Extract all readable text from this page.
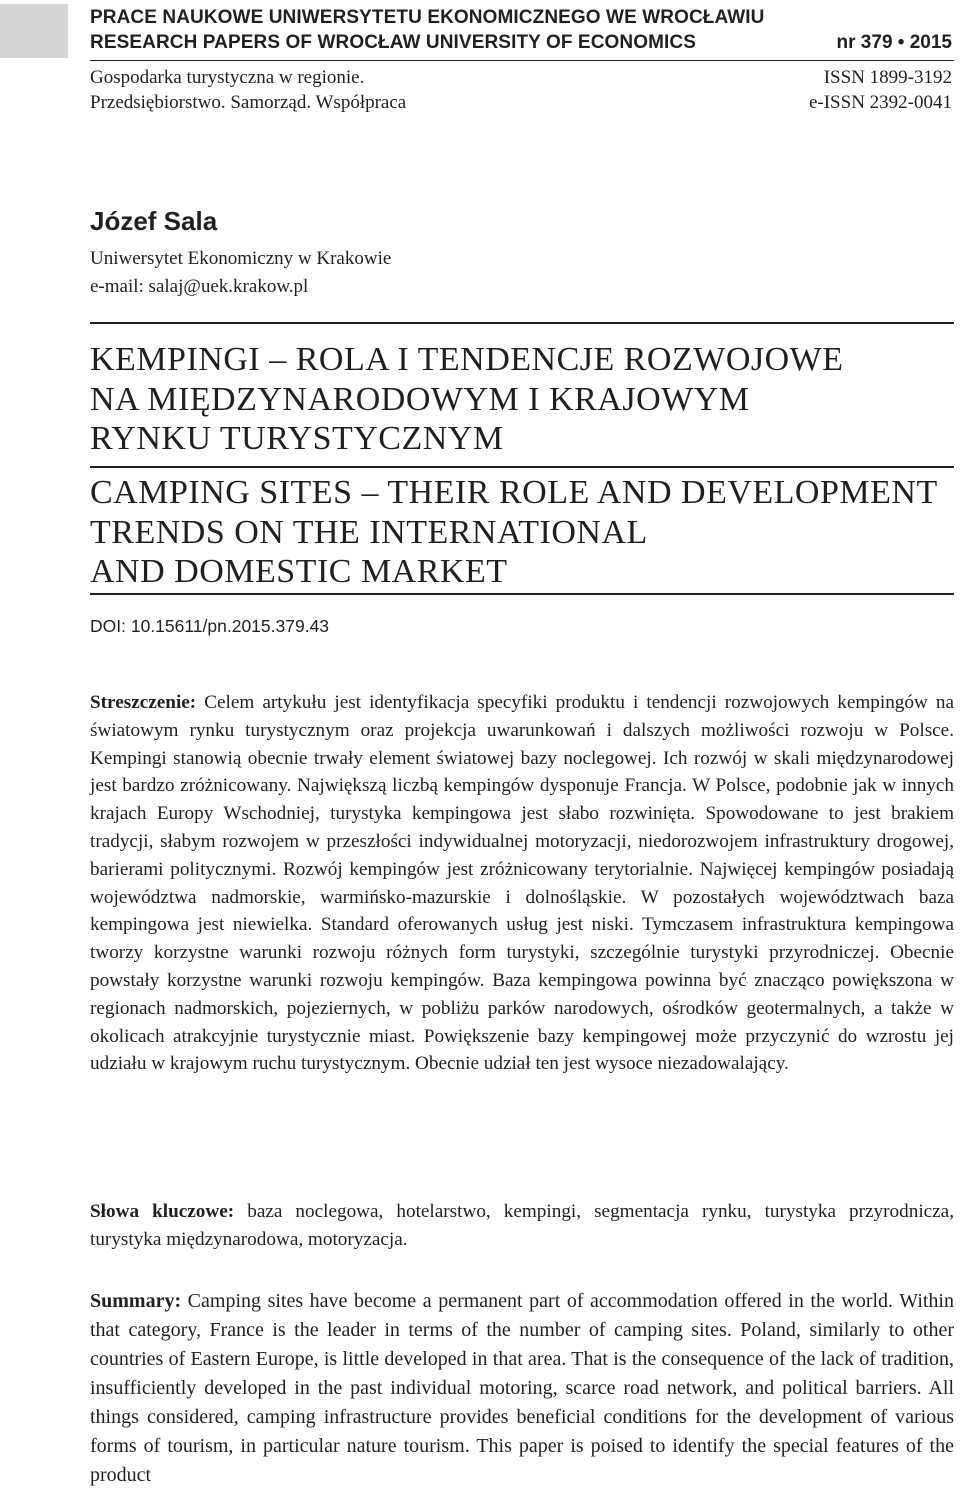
PRACE NAUKOWE UNIWERSYTETU EKONOMICZNEGO WE WROCŁAWIU
RESEARCH PAPERS OF WROCŁAW UNIVERSITY OF ECONOMICS	nr 379 • 2015
Gospodarka turystyczna w regionie.
Przedsiębiorstwo. Samorząd. Współpraca
ISSN 1899-3192
e-ISSN 2392-0041
Józef Sala
Uniwersytet Ekonomiczny w Krakowie
e-mail: salaj@uek.krakow.pl
KEMPINGI – ROLA I TENDENCJE ROZWOJOWE
NA MIĘDZYNARODOWYM I KRAJOWYM
RYNKU TURYSTYCZNYM
CAMPING SITES – THEIR ROLE AND DEVELOPMENT
TRENDS ON THE INTERNATIONAL
AND DOMESTIC MARKET
DOI: 10.15611/pn.2015.379.43
Streszczenie: Celem artykułu jest identyfikacja specyfiki produktu i tendencji rozwojowych kempingów na światowym rynku turystycznym oraz projekcja uwarunkowań i dalszych możliwości rozwoju w Polsce. Kempingi stanowią obecnie trwały element światowej bazy noclegowej. Ich rozwój w skali międzynarodowej jest bardzo zróżnicowany. Największą liczbą kempingów dysponuje Francja. W Polsce, podobnie jak w innych krajach Europy Wschodniej, turystyka kempingowa jest słabo rozwinięta. Spowodowane to jest brakiem tradycji, słabym rozwojem w przeszłości indywidualnej motoryzacji, niedorozwojem infrastruktury drogowej, barierami politycznymi. Rozwój kempingów jest zróżnicowany terytorialnie. Najwięcej kempingów posiadają województwa nadmorskie, warmińsko-mazurskie i dolnośląskie. W pozostałych województwach baza kempingowa jest niewielka. Standard oferowanych usług jest niski. Tymczasem infrastruktura kempingowa tworzy korzystne warunki rozwoju różnych form turystyki, szczególnie turystyki przyrodniczej. Obecnie powstały korzystne warunki rozwoju kempingów. Baza kempingowa powinna być znacząco powiększona w regionach nadmorskich, pojeziernych, w pobliżu parków narodowych, ośrodków geotermalnych, a także w okolicach atrakcyjnie turystycznie miast. Powiększenie bazy kempingowej może przyczynić do wzrostu jej udziału w krajowym ruchu turystycznym. Obecnie udział ten jest wysoce niezadowalający.
Słowa kluczowe: baza noclegowa, hotelarstwo, kempingi, segmentacja rynku, turystyka przyrodnicza, turystyka międzynarodowa, motoryzacja.
Summary: Camping sites have become a permanent part of accommodation offered in the world. Within that category, France is the leader in terms of the number of camping sites. Poland, similarly to other countries of Eastern Europe, is little developed in that area. That is the consequence of the lack of tradition, insufficiently developed in the past individual motoring, scarce road network, and political barriers. All things considered, camping infrastructure provides beneficial conditions for the development of various forms of tourism, in particular nature tourism. This paper is poised to identify the special features of the product
